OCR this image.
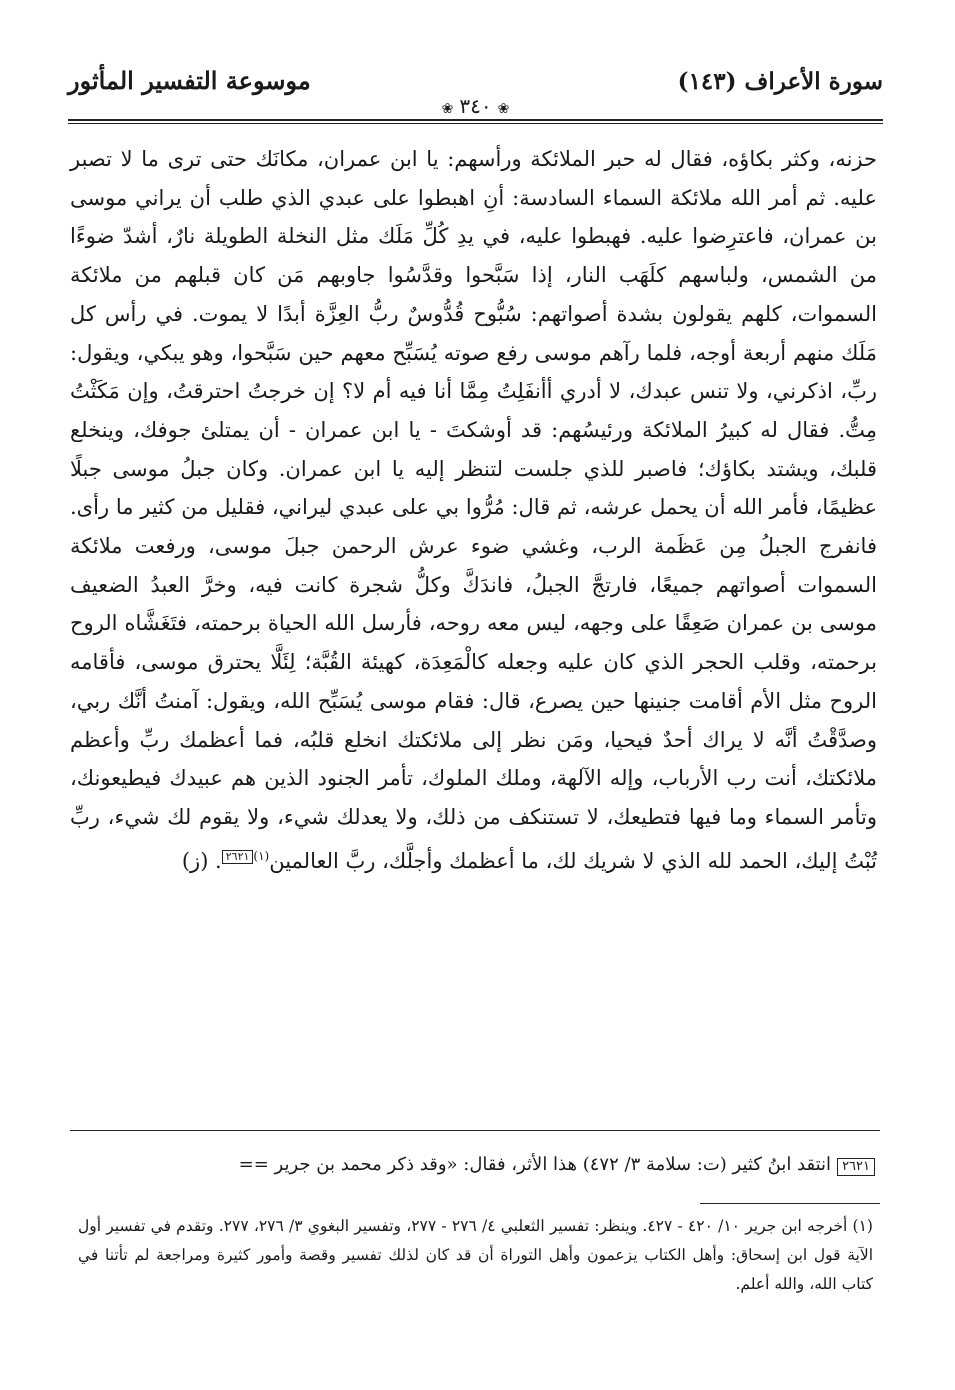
سورة الأعراف (١٤٣)
موسوعة التفسير المأثور
❀ ٣٤٠ ❀

حزنه، وكثر بكاؤه، فقال له حبر الملائكة ورأسهم: يا ابن عمران، مكانَك حتى ترى ما لا تصبر عليه. ثم أمر الله ملائكة السماء السادسة: أنِ اهبطوا على عبدي الذي طلب أن يراني موسى بن عمران، فاعترِضوا عليه. فهبطوا عليه، في يدِ كُلِّ مَلَك مثل النخلة الطويلة نارٌ، أشدّ ضوءًا من الشمس، ولباسهم كلَهَب النار، إذا سَبَّحوا وقدَّسُوا جاوبهم مَن كان قبلهم من ملائكة السموات، كلهم يقولون بشدة أصواتهم: سُبُّوح قُدُّوسٌ ربُّ العِزَّة أبدًا لا يموت. في رأس كل مَلَك منهم أربعة أوجه، فلما رآهم موسى رفع صوته يُسَبِّح معهم حين سَبَّحوا، وهو يبكي، ويقول: ربِّ، اذكرني، ولا تنس عبدك، لا أدري أأنفَلِتُ مِمَّا أنا فيه أم لا؟ إن خرجتُ احترقتُ، وإن مَكَثْتُ مِتُّ. فقال له كبيرُ الملائكة ورئيسُهم: قد أوشكتَ - يا ابن عمران - أن يمتلئ جوفك، وينخلع قلبك، ويشتد بكاؤك؛ فاصبر للذي جلست لتنظر إليه يا ابن عمران. وكان جبلُ موسى جبلًا عظيمًا، فأمر الله أن يحمل عرشه، ثم قال: مُرُّوا بي على عبدي ليراني، فقليل من كثير ما رأى. فانفرج الجبلُ مِن عَظَمة الرب، وغشي ضوء عرش الرحمن جبلَ موسى، ورفعت ملائكة السموات أصواتهم جميعًا، فارتجَّ الجبلُ، فاندَكَّ وكلُّ شجرة كانت فيه، وخرَّ العبدُ الضعيف موسى بن عمران صَعِقًا على وجهه، ليس معه روحه، فأرسل الله الحياة برحمته، فتَغَشَّاه الروح برحمته، وقلب الحجر الذي كان عليه وجعله كالْمَعِدَة، كهيئة القُبَّة؛ لِئَلَّا يحترق موسى، فأقامه الروح مثل الأم أقامت جنينها حين يصرع، قال: فقام موسى يُسَبِّح الله، ويقول: آمنتُ أنَّك ربي، وصدَّقْتُ أنَّه لا يراك أحدٌ فيحيا، ومَن نظر إلى ملائكتك انخلع قلبُه، فما أعظمك ربِّ وأعظم ملائكتك، أنت رب الأرباب، وإله الآلهة، وملك الملوك، تأمر الجنود الذين هم عبيدك فيطيعونك، وتأمر السماء وما فيها فتطيعك، لا تستنكف من ذلك، ولا يعدلك شيء، ولا يقوم لك شيء، ربِّ تُبْتُ إليك، الحمد لله الذي لا شريك لك، ما أعظمك وأجلَّك، ربَّ العالمين$^{(١)}$٢٦٢١. (ز)

٢٦٢١انتقد ابنُ كثير (ت: سلامة ٣/ ٤٧٢) هذا الأثر، فقال: «وقد ذكر محمد بن جرير ==

(١) أخرجه ابن جرير ١٠/ ٤٢٠ - ٤٢٧. وينظر: تفسير الثعلبي ٤/ ٢٧٦ - ٢٧٧، وتفسير البغوي ٣/ ٢٧٦، ٢٧٧. وتقدم في تفسير أول الآية قول ابن إسحاق: وأهل الكتاب يزعمون وأهل التوراة أن قد كان لذلك تفسير وقصة وأمور كثيرة ومراجعة لم تأتنا في كتاب الله، والله أعلم.
